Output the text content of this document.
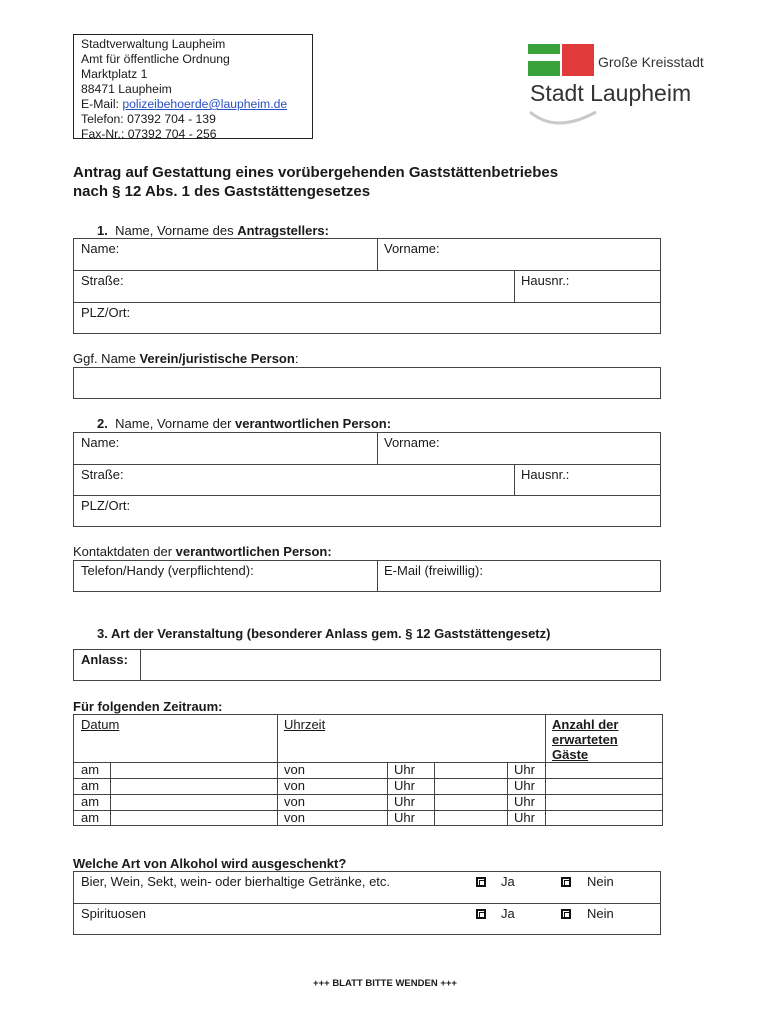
Stadtverwaltung Laupheim
Amt für öffentliche Ordnung
Marktplatz 1
88471 Laupheim
E-Mail: polizeibehoerde@laupheim.de
Telefon: 07392 704 - 139
Fax-Nr.: 07392 704 - 256
Große Kreisstadt
Stadt Laupheim
Antrag auf Gestattung eines vorübergehenden Gaststättenbetriebes
nach § 12 Abs. 1 des Gaststättengesetzes
1. Name, Vorname des Antragstellers:
Name:	Vorname:
Straße:	Hausnr.:
PLZ/Ort:
Ggf. Name Verein/juristische Person:
2. Name, Vorname der verantwortlichen Person:
Name:	Vorname:
Straße:	Hausnr.:
PLZ/Ort:
Kontaktdaten der verantwortlichen Person:
Telefon/Handy (verpflichtend):	E-Mail (freiwillig):
3. Art der Veranstaltung (besonderer Anlass gem. § 12 Gaststättengesetz)
Anlass:
Für folgenden Zeitraum:
Datum	Uhrzeit	Anzahl der
erwarteten
Gäste
am	von	Uhr	Uhr
am	von	Uhr	Uhr
am	von	Uhr	Uhr
am	von	Uhr	Uhr
Welche Art von Alkohol wird ausgeschenkt?
Bier, Wein, Sekt, wein- oder bierhaltige Getränke, etc.	Ja	Nein
Spirituosen	Ja	Nein
+++ BLATT BITTE WENDEN +++
